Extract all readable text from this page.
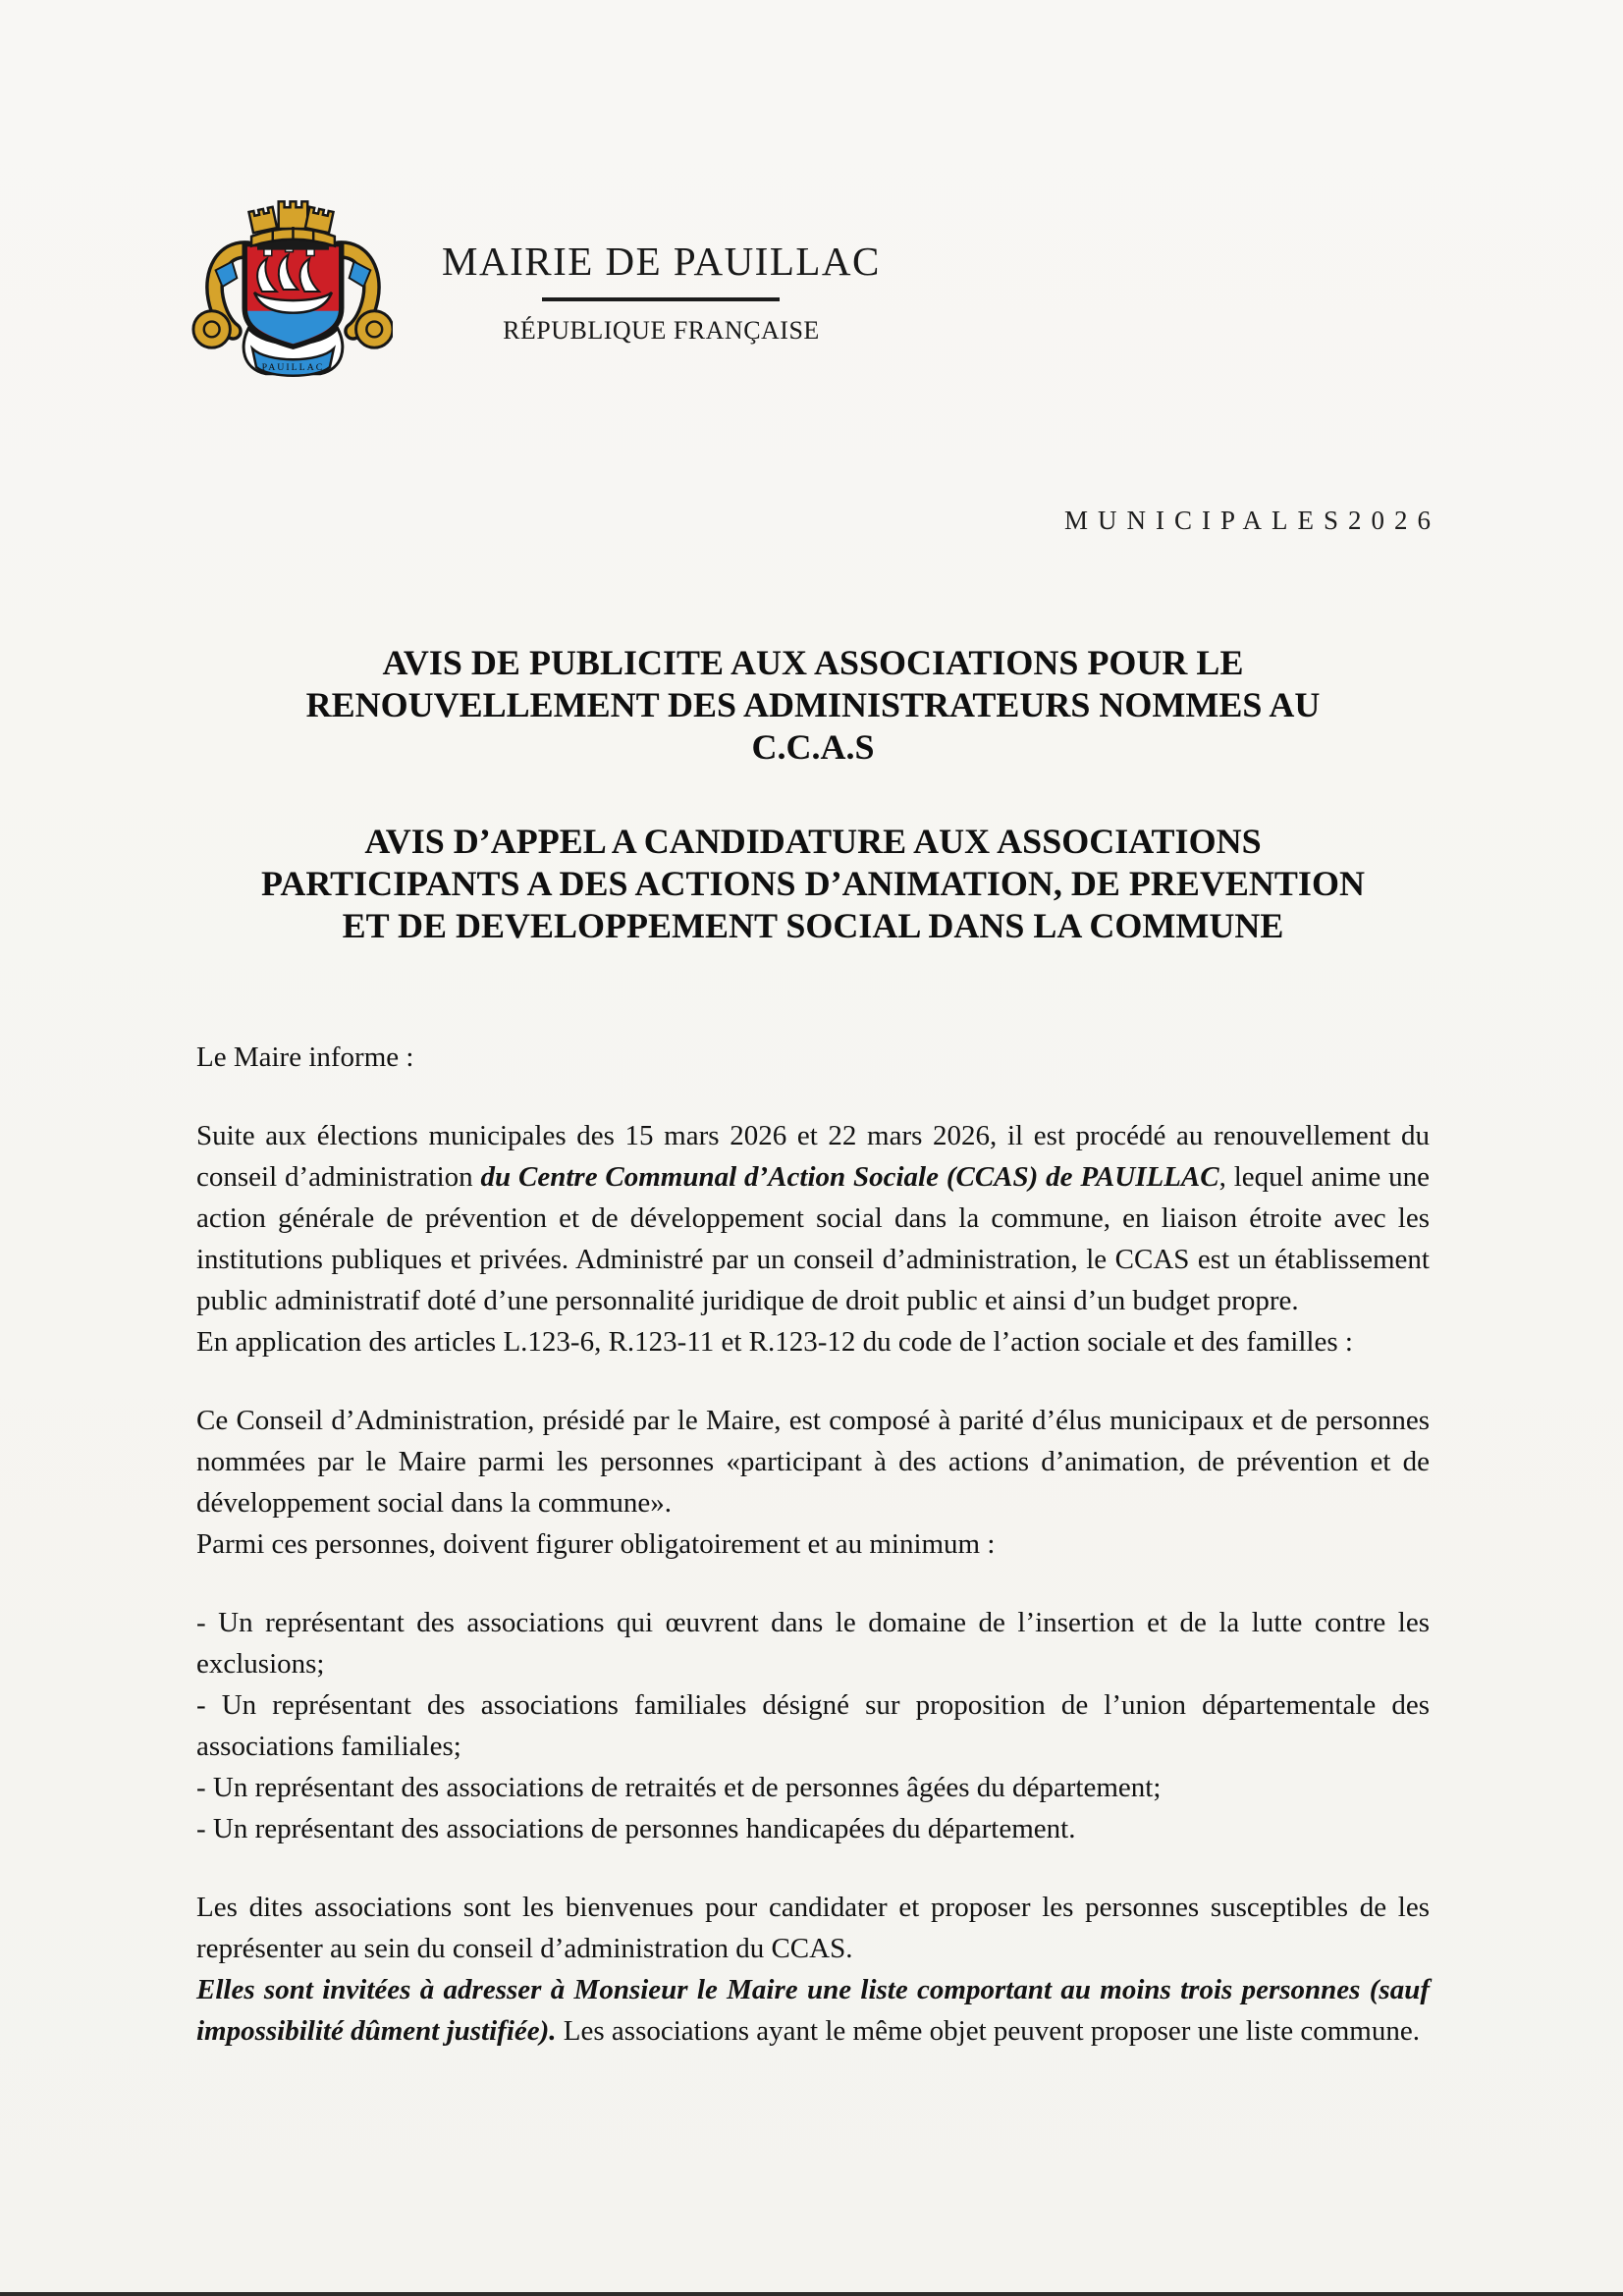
PAUILLAC
MAIRIE DE PAUILLAC
RÉPUBLIQUE FRANÇAISE
MUNICIPALES2026
AVIS DE PUBLICITE AUX ASSOCIATIONS POUR LE
RENOUVELLEMENT DES ADMINISTRATEURS NOMMES AU
C.C.A.S
AVIS D’APPEL A CANDIDATURE AUX ASSOCIATIONS
PARTICIPANTS A DES ACTIONS D’ANIMATION, DE PREVENTION
ET DE DEVELOPPEMENT SOCIAL DANS LA COMMUNE

Le Maire informe :

Suite aux élections municipales des 15 mars 2026 et 22 mars 2026, il est procédé au renouvellement du conseil d’administration du Centre Communal d’Action Sociale (CCAS) de PAUILLAC, lequel anime une action générale de prévention et de développement social dans la commune, en liaison étroite avec les institutions publiques et privées. Administré par un conseil d’administration, le CCAS est un établissement public administratif doté d’une personnalité juridique de droit public et ainsi d’un budget propre.

En application des articles L.123-6, R.123-11 et R.123-12 du code de l’action sociale et des familles :

Ce Conseil d’Administration, présidé par le Maire, est composé à parité d’élus municipaux et de personnes nommées par le Maire parmi les personnes «participant à des actions d’animation, de prévention et de développement social dans la commune».

Parmi ces personnes, doivent figurer obligatoirement et au minimum :

- Un représentant des associations qui œuvrent dans le domaine de l’insertion et de la lutte contre les exclusions;

- Un représentant des associations familiales désigné sur proposition de l’union départementale des associations familiales;

- Un représentant des associations de retraités et de personnes âgées du département;

- Un représentant des associations de personnes handicapées du département.

Les dites associations sont les bienvenues pour candidater et proposer les personnes susceptibles de les représenter au sein du conseil d’administration du CCAS.

Elles sont invitées à adresser à Monsieur le Maire une liste comportant au moins trois personnes (sauf impossibilité dûment justifiée). Les associations ayant le même objet peuvent proposer une liste commune.
